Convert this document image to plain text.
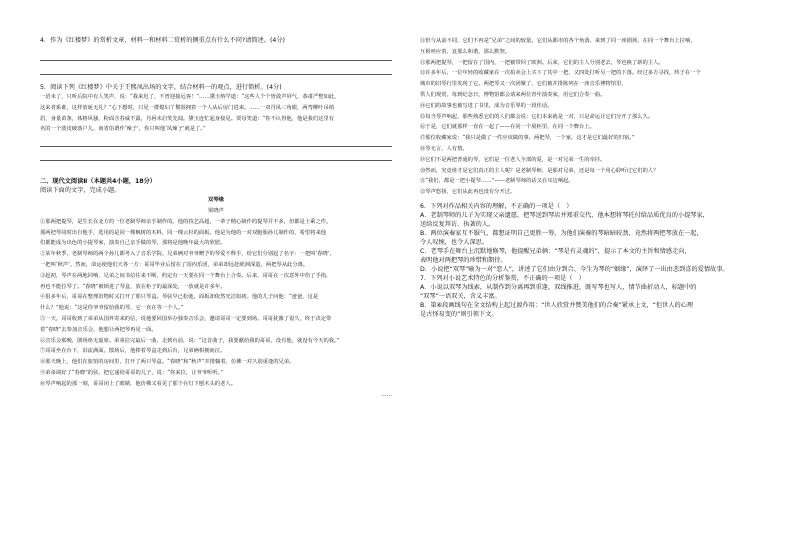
4．作为《红楼梦》的赏析文章，材料一和材料二赏析的侧重点有什么不同?请简述。(4分)
5．阅读下列《红楼梦》中关于王熙凤出场的文字，结合材料一的观点，进行简析。(4分)
一语未了，只听后院中有人笑声，说：“我来迟了，不曾迎接远客！”……黛玉纳罕道：“这些人个个皆敛声屏气，恭肃严整如此，
这来者系谁，这样放诞无礼？”心下想时，只见一群媳妇丫鬟围拥着一个人从后房门进来。……一双丹凤三角眼，两弯柳叶吊梢
眉，身量苗条，体格风骚，粉面含春威不露，丹唇未启笑先闻。黛玉连忙起身接见。贾母笑道：“你不认得他，他是我们这里有
名的一个泼皮破落户儿，南省俗谓作‘辣子’，你只叫他‘凤辣子’就是了。”
二、现代文阅读Ⅱ（本题共4小题，18分）
阅读下面的文字，完成小题。
双琴缘
梁晓声
①那两把提琴，是生长在北方的一位老制琴师亲手制作的。他的技艺高超，一辈子精心制作的提琴并不多，但都是上乘之作。
那两把琴同时出自他手，选用的是同一棵枫树的木料，同一棵云杉的面板。他是为他的一对双胞胎孙儿制作的，希望将来他
们都能成为出色的小提琴家，演奏自己亲手做的琴，那将是他晚年最大的欣慰。
②某年秋季，老制琴师的两个孙儿都考入了音乐学院。兄弟俩对爷爷赠予的琴爱不释手，给它们分别起了名字：一把叫‘春晓’，
一把叫‘秋声’。然而，命运使他们天各一方：哥哥毕业后留在了国内乐团，弟弟却远赴欧洲深造，两把琴从此分离。
③起初，琴声在两地回响，兄弟之间书信往来不断，约定有一天要在同一个舞台上合奏。后来，哥哥在一次意外中伤了手指，
再也不能拉琴了。“春晓”被锁进了琴盒，放在柜子的最深处，一放就是许多年。
④很多年后，哥哥在整理旧物时又打开了那只琴盒。琴弦早已松弛，面板却依然光洁如初。他的儿子问他：“爸爸，这是
什么？”他说：“这是你爷爷留给我的琴，它一直在等一个人。”
⑤一天，哥哥收到了弟弟从国外寄来的信，说他要回国举办独奏音乐会，邀请哥哥一定要到场。哥哥犹豫了很久，终于决定带
着“春晓”去参加音乐会，他想让两把琴再见一面。
⑥音乐会那晚，剧场座无虚席。弟弟拉完最后一曲，走到台前，说：“这首曲子，我要献给我的哥哥，没有他，就没有今天的我。”
⑦哥哥坐在台下，泪流满面。散场后，他捧着琴盒走到后台，兄弟俩相拥而泣。
⑧那天晚上，他们在旅馆的房间里，打开了两只琴盒。“春晓”和“秋声”并排躺着，仿佛一对久别重逢的兄弟。
⑨弟弟调好了“春晓”的弦，把它递给哥哥的儿子，说：“你来拉，让爷爷听听。”
⑩琴声响起的那一刻，哥哥闭上了眼睛，他仿佛又看见了那个在灯下刨木头的老人。
……
⑪但与从前不同，它们不再是“兄弟”之间的较量。它们从都市的各个角落，来到了同一座剧场，在同一个舞台上拉响，
互相呼应着，竟那么和谐，那么默契。
⑫那两把提琴，一把留在了国内，一把被带回了欧洲。后来，它们的主人分别老去，琴也换了新的主人。
⑬许多年后，一位年轻的收藏家在一次拍卖会上买下了其中一把，又四处打听另一把的下落。经过多方寻找，终于在一个
城市的旧琴行里发现了它。两把琴又一次团聚了，它们被并排陈列在一座音乐博物馆里，
供人们观赏。每到纪念日，博物馆都会请来两位青年演奏家，用它们合奏一曲。
⑭它们的故事也被写进了书里，成为音乐界的一段佳话。
⑮每当琴声响起，那些熟悉它们的人们都会说：它们本来就是一对，只是命运让它们分开了那么久。
⑯于是，它们就那样一直在一起了——在同一个展柜里，在同一个舞台上。
⑰那位收藏家说：“我只是做了一件应该做的事。两把琴，一个家，这才是它们最好的归宿。”
⑱琴无言，人有情。
⑲它们不是两把普通的琴，它们是一位老人全部的爱，是一对兄弟一生的牵挂。
⑳然而，究竟谁才是它们真正的主人呢？是老制琴师，是那对兄弟，还是每一个用心聆听过它们的人？
㉑“我们，都是一把小提琴……”——老制琴师的话又在耳边响起。
㉒琴声悠扬，它们从此再也没有分开过。
6．下列对作品相关内容的理解，不正确的一项是（　）
A．老制琴师的儿子为实现父亲遗愿，把琴送到琴店并郑重交代，他本想将琴托付给品质优良的小提琴家，
送给反复拜访、执著的人。
B．两位演奏家互不服气，都想证明自己更胜一筹，为他们演奏的琴暗暗较劲，竟然将两把琴放在一起，
令人叹惋，也令人深思。
C．老琴手在舞台上沉默地修琴，他提醒兄弟俩：“琴是有灵魂的”，提示了本文的主旨和情感走向，
表明他对两把琴的珍惜和期待。
D．小说把“双琴”喻为一对“恋人”，讲述了它们由分到合、今生为琴的“姻缘”，演绎了一出由悲到喜的爱情故事。
7．下列对小说艺术特色的分析鉴赏，不正确的一项是（　）
A．小说以双琴为线索，从制作到分离再到重逢，双线推进，既写琴也写人，情节曲折动人，标题中的
“双琴”一语双关，含义丰富。
B．第⑥段画线句在全文结构上起过渡作用：“世人欣赏并赞美他们的合奏”紧承上文，“但世人的心理
是古怪易变的”则引领下文。
